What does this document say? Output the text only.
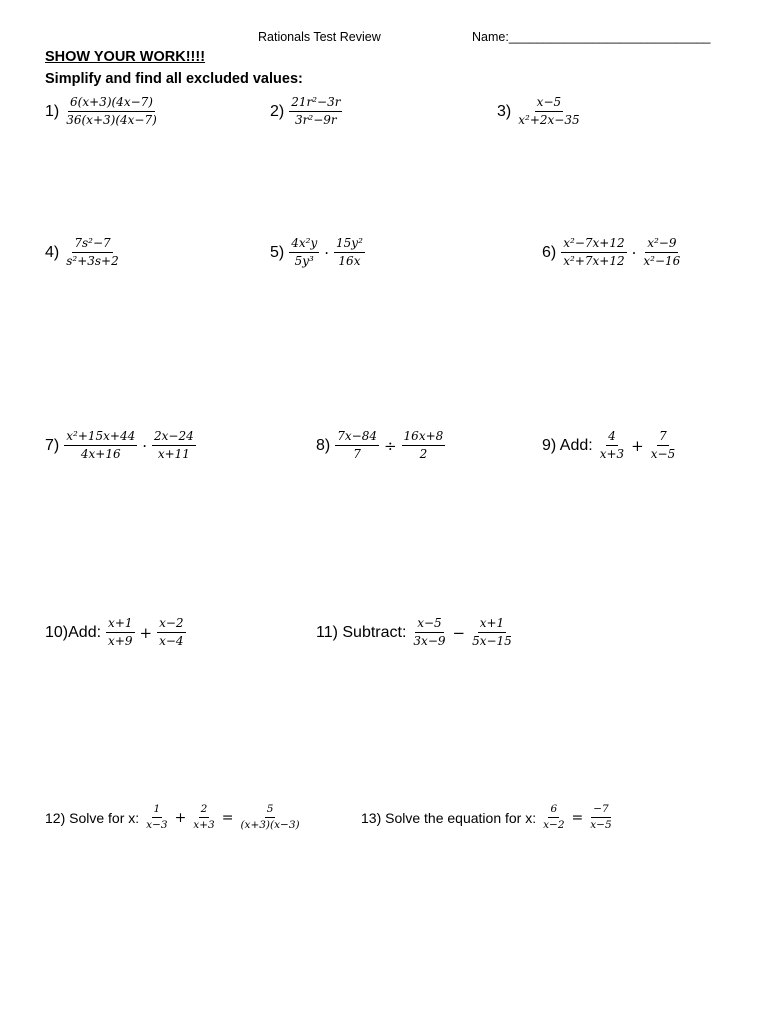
Rationals Test Review	Name:_____________________________
SHOW YOUR WORK!!!!
Simplify and find all excluded values:
$1) \frac{6(x+3)(4x-7)}{36(x+3)(4x-7)}$	$2) \frac{\text{21r²−3r}}{\text{3r²−9r}}$	$3) \frac{x-5}{\text{x²+2x−35}}$
$4) \frac{\text{7s²−7}}{\text{s²+3s+2}}$	$5) \frac{\text{4x²y}}{\text{5y³}} \cdot \frac{\text{15y²}}{16x}$	$6) \frac{\text{x²−7x+12}}{\text{x²+7x+12}} \cdot \frac{\text{x²−9}}{\text{x²−16}}$
$7) \frac{\text{x²+15x+44}}{4x+16} \cdot \frac{2x-24}{x+11}$	$8) \frac{7x-84}{7} \div \frac{16x+8}{2}$	9) Add: $\frac{4}{x+3} + \frac{7}{x-5}$
10)Add: $\frac{x+1}{x+9} + \frac{x-2}{x-4}$	11) Subtract: $\frac{x-5}{3x-9} - \frac{x+1}{5x-15}$
12) Solve for x: $\frac{1}{x-3} + \frac{2}{x+3} = \frac{5}{(x+3)(x-3)}$	13) Solve the equation for x: $\frac{6}{x-2} = \frac{-7}{x-5}$
